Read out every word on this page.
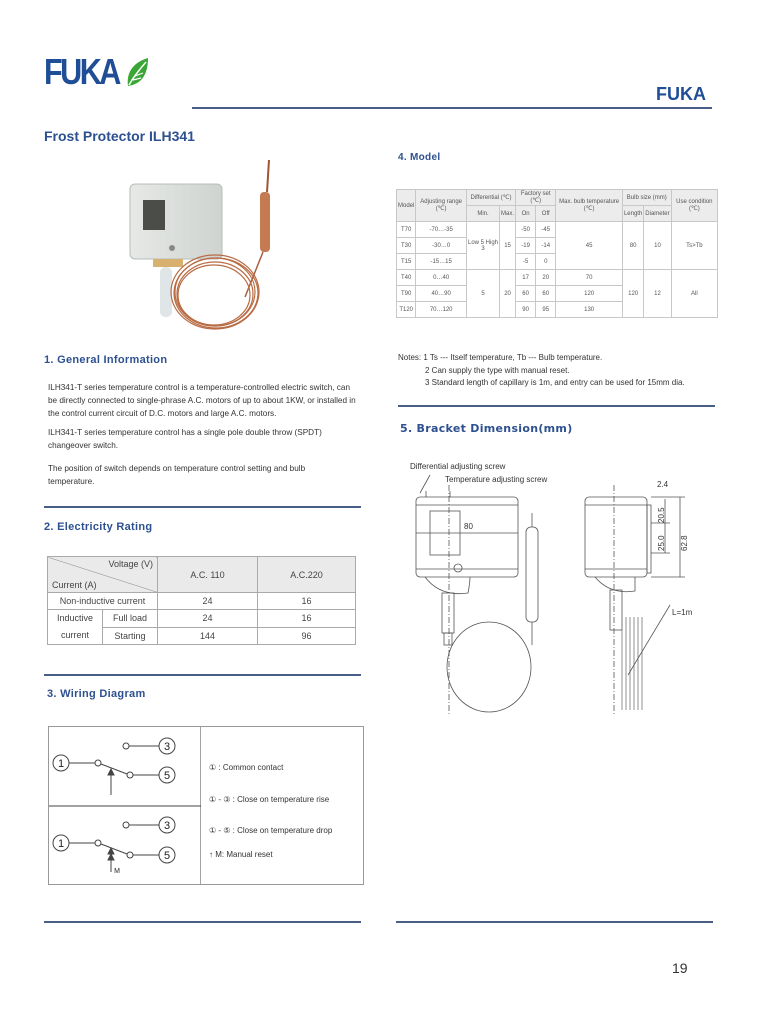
FUKA
FUKA
Frost Protector ILH341
1. General Information
ILH341-T series temperature control is a temperature-controlled electric switch, can be directly connected to single-phrase A.C. motors of up to about 1KW, or installed in the control current circuit of D.C. motors and large A.C. motors.
ILH341-T series temperature control has a single pole double throw (SPDT) changeover switch.
The position of switch depends on temperature control setting and bulb temperature.
2. Electricity Rating
Voltage (V)
Current (A)		A.C. 110	A.C.220
Non-inductive current		24	16
Inductive
current	Full load	24	16
	Starting	144	96
3. Wiring Diagram
3
1
5
3
1
5
M
① : Common contact
① - ③ : Close on temperature rise
① - ⑤ : Close on temperature drop
↑ M: Manual reset
4. Model
Model	Adjusting range (℃)	Differential (℃)		Factory set (℃)		Max. bulb temperature (℃)	Bulb size (mm)		Use condition (℃)
		Min.	Max.	On	Off		Length	Diameter	
T70	-70…-35	Low 5 High 3	15	-50	-45	45	80	10	Ts>Tb
T30	-30…0			-19	-14				
T15	-15…15			-5	0				
T40	0…40	5	20	17	20	70	120	12	All
T90	40…90			60	60	120			
T120	70…120			90	95	130			
Notes: 1 Ts --- Itself temperature, Tb --- Bulb temperature.
2 Can supply the type with manual reset.
3 Standard length of capillary is 1m, and entry can be used for 15mm dia.
5. Bracket Dimension(mm)
Differential adjusting screw
Temperature adjusting screw
80
2.4
L=1m
20.5
25.0 62.8
19
